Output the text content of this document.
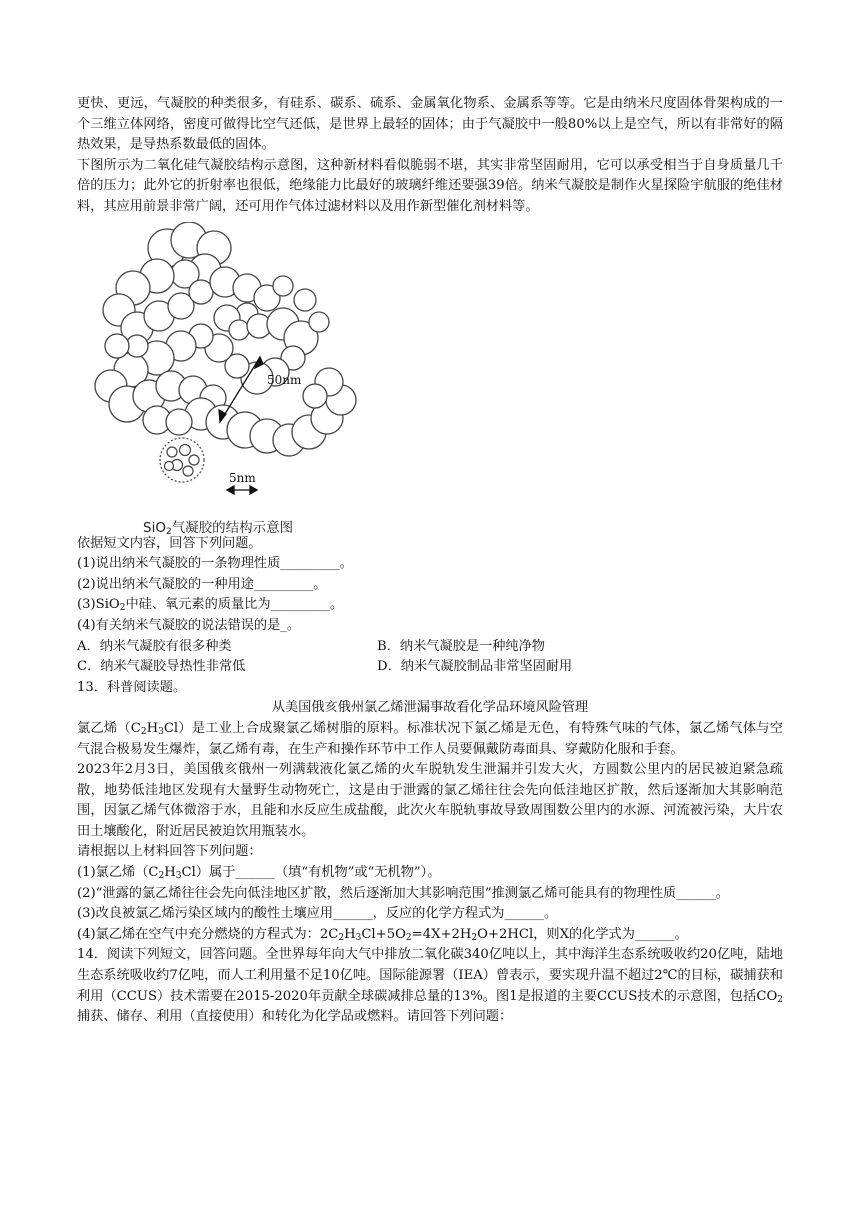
更快、更远，气凝胶的种类很多，有硅系、碳系、硫系、金属氧化物系、金属系等等。它是由纳米尺度固体骨架构成的一个三维立体网络，密度可做得比空气还低，是世界上最轻的固体；由于气凝胶中一般80%以上是空气，所以有非常好的隔热效果，是导热系数最低的固体。

下图所示为二氧化硅气凝胶结构示意图，这种新材料看似脆弱不堪，其实非常坚固耐用，它可以承受相当于自身质量几千倍的压力；此外它的折射率也很低，绝缘能力比最好的玻璃纤维还要强39倍。纳米气凝胶是制作火星探险宇航服的绝佳材料，其应用前景非常广阔，还可用作气体过滤材料以及用作新型催化剂材料等。

50nm
5nm
SiO$_2$气凝胶的结构示意图

依据短文内容，回答下列问题。

(1)说出纳米气凝胶的一条物理性质_________。

(2)说出纳米气凝胶的一种用途_________。

(3)SiO$_2$中硅、氧元素的质量比为_________。

(4)有关纳米气凝胶的说法错误的是_。

A．纳米气凝胶有很多种类	B．纳米气凝胶是一种纯净物
C．纳米气凝胶导热性非常低	D．纳米气凝胶制品非常坚固耐用

13．科普阅读题。

从美国俄亥俄州氯乙烯泄漏事故看化学品环境风险管理

氯乙烯$(C_2H_3Cl)$是工业上合成聚氯乙烯树脂的原料。标准状况下氯乙烯是无色，有特殊气味的气体，氯乙烯气体与空气混合极易发生爆炸，氯乙烯有毒，在生产和操作环节中工作人员要佩戴防毒面具、穿戴防化服和手套。

2023年2月3日，美国俄亥俄州一列满载液化氯乙烯的火车脱轨发生泄漏并引发大火，方圆数公里内的居民被迫紧急疏散，地势低洼地区发现有大量野生动物死亡，这是由于泄露的氯乙烯往往会先向低洼地区扩散，然后逐渐加大其影响范围，因氯乙烯气体微溶于水，且能和水反应生成盐酸，此次火车脱轨事故导致周围数公里内的水源、河流被污染，大片农田土壤酸化，附近居民被迫饮用瓶装水。

请根据以上材料回答下列问题：

(1)氯乙烯$(C_2H_3Cl)$属于______（填“有机物”或“无机物”）。

(2)“泄露的氯乙烯往往会先向低洼地区扩散，然后逐渐加大其影响范围”推测氯乙烯可能具有的物理性质______。

(3)改良被氯乙烯污染区域内的酸性土壤应用______，反应的化学方程式为______。

(4)氯乙烯在空气中充分燃烧的方程式为：$2C_2H_3Cl+5O_2=4X+2H_2O+2HCl$，则X的化学式为______。

14．阅读下列短文，回答问题。全世界每年向大气中排放二氧化碳340亿吨以上，其中海洋生态系统吸收约20亿吨，陆地生态系统吸收约7亿吨，而人工利用量不足10亿吨。国际能源署（IEA）曾表示，要实现升温不超过2℃的目标，碳捕获和利用（CCUS）技术需要在2015-2020年贡献全球碳减排总量的13%。图1是报道的主要CCUS技术的示意图，包括$CO_2$捕获、储存、利用（直接使用）和转化为化学品或燃料。请回答下列问题：
